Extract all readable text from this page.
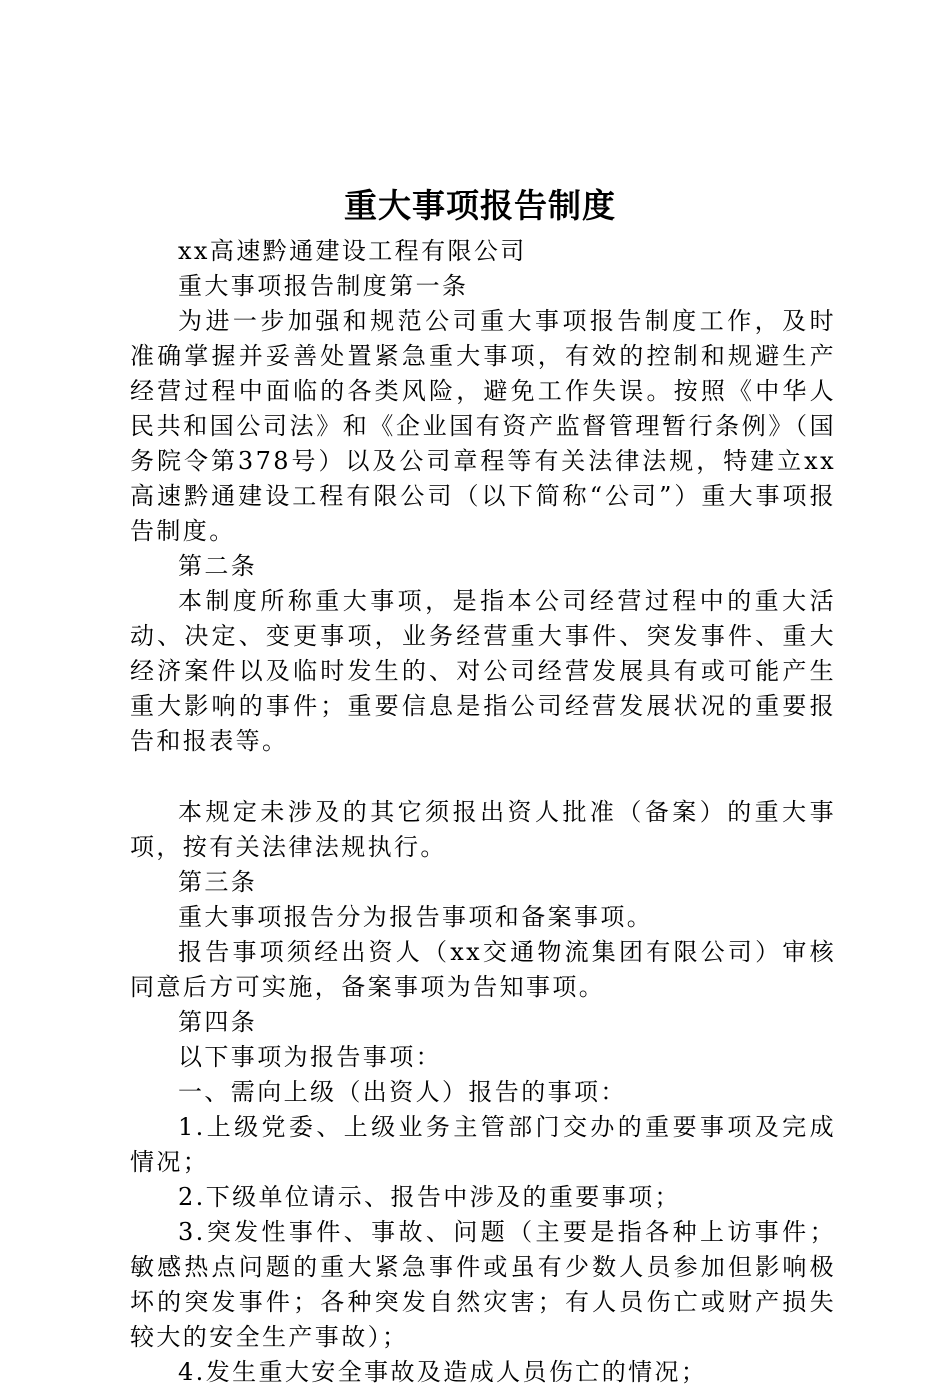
重大事项报告制度

xx高速黔通建设工程有限公司

重大事项报告制度第一条

为进一步加强和规范公司重大事项报告制度工作，及时准确掌握并妥善处置紧急重大事项，有效的控制和规避生产经营过程中面临的各类风险，避免工作失误。按照《中华人民共和国公司法》和《企业国有资产监督管理暂行条例》（国务院令第378号）以及公司章程等有关法律法规，特建立xx高速黔通建设工程有限公司（以下简称“公司”）重大事项报告制度。

第二条

本制度所称重大事项，是指本公司经营过程中的重大活动、决定、变更事项，业务经营重大事件、突发事件、重大经济案件以及临时发生的、对公司经营发展具有或可能产生重大影响的事件；重要信息是指公司经营发展状况的重要报告和报表等。

本规定未涉及的其它须报出资人批准（备案）的重大事项，按有关法律法规执行。

第三条

重大事项报告分为报告事项和备案事项。

报告事项须经出资人（xx交通物流集团有限公司）审核同意后方可实施，备案事项为告知事项。

第四条

以下事项为报告事项：

一、需向上级（出资人）报告的事项：

1.上级党委、上级业务主管部门交办的重要事项及完成情况；

2.下级单位请示、报告中涉及的重要事项；

3.突发性事件、事故、问题（主要是指各种上访事件；敏感热点问题的重大紧急事件或虽有少数人员参加但影响极坏的突发事件；各种突发自然灾害；有人员伤亡或财产损失较大的安全生产事故）；

4.发生重大安全事故及造成人员伤亡的情况；
